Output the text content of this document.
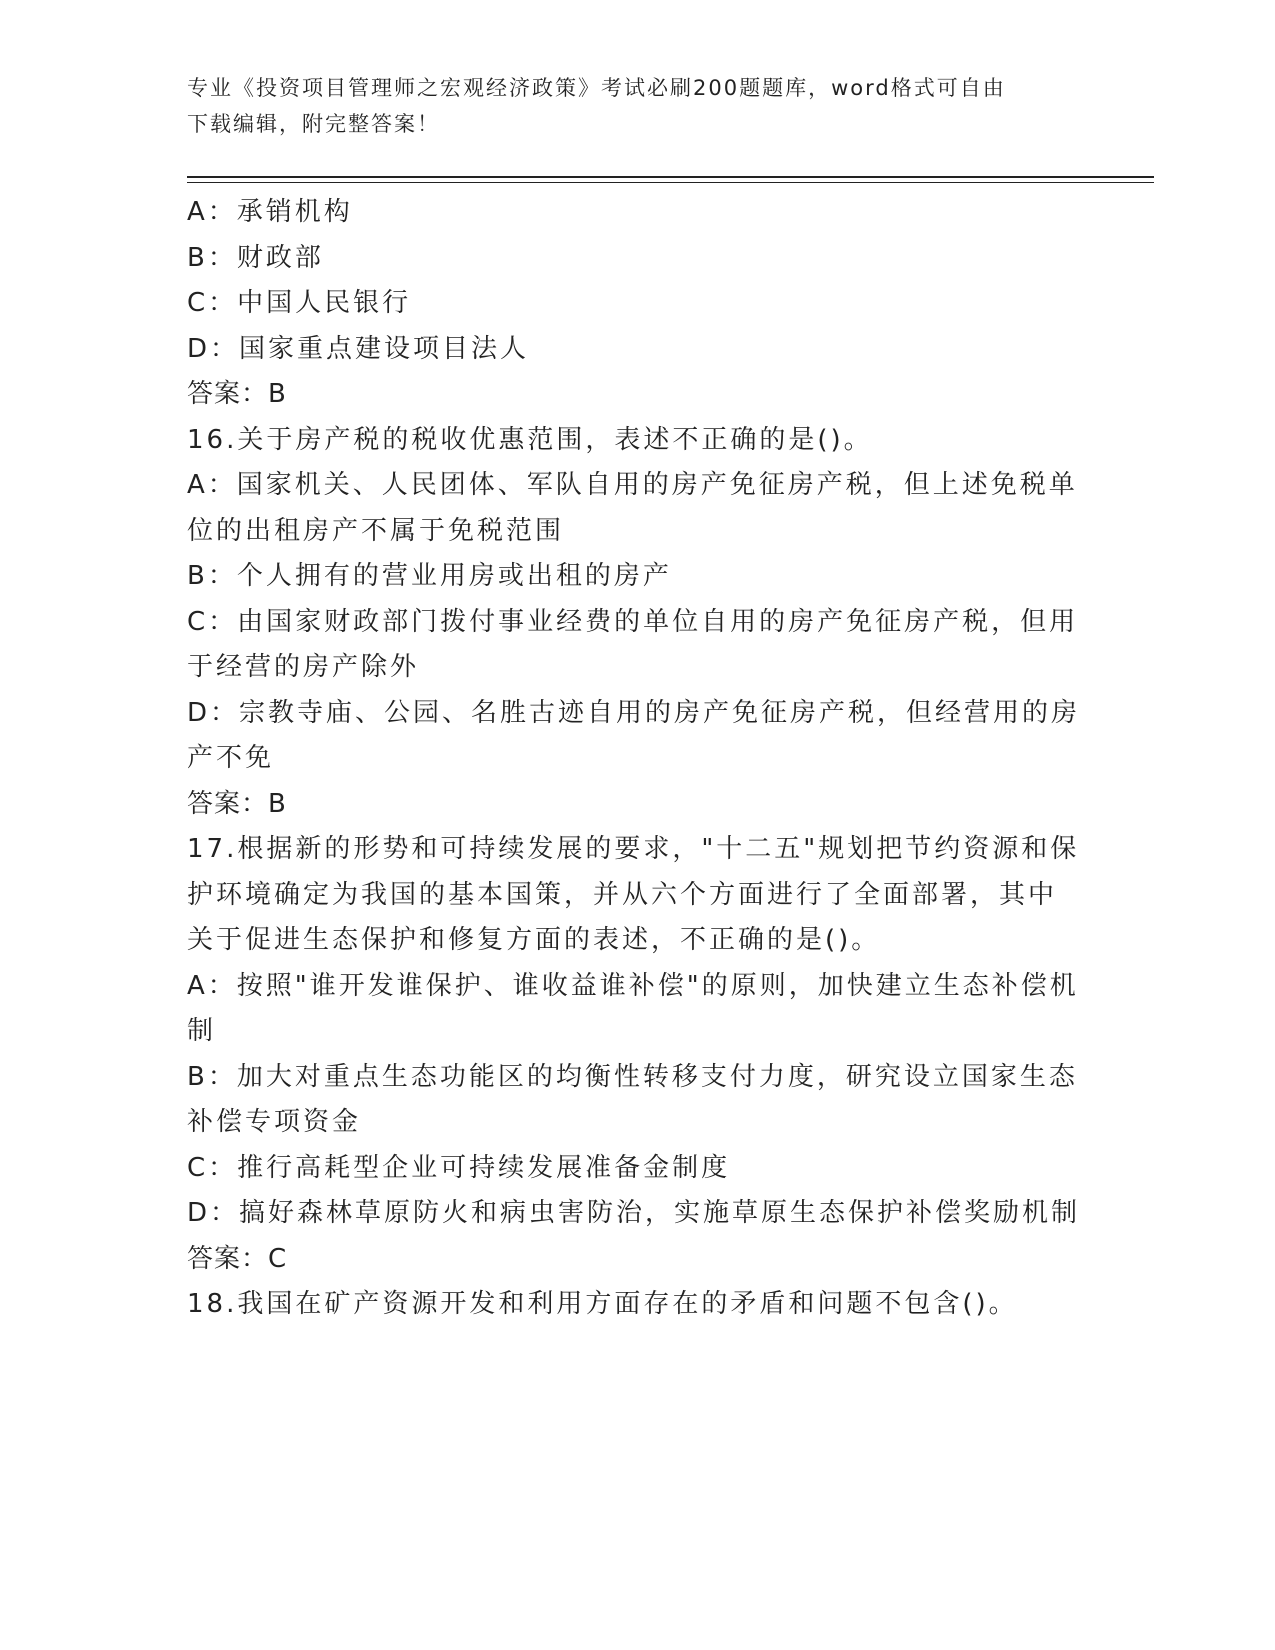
专业《投资项目管理师之宏观经济政策》考试必刷200题题库，word格式可自由
下载编辑，附完整答案！
A：承销机构
B：财政部
C：中国人民银行
D：国家重点建设项目法人
答案：B
16.关于房产税的税收优惠范围，表述不正确的是()。
A：国家机关、人民团体、军队自用的房产免征房产税，但上述免税单
位的出租房产不属于免税范围
B：个人拥有的营业用房或出租的房产
C：由国家财政部门拨付事业经费的单位自用的房产免征房产税，但用
于经营的房产除外
D：宗教寺庙、公园、名胜古迹自用的房产免征房产税，但经营用的房
产不免
答案：B
17.根据新的形势和可持续发展的要求，"十二五"规划把节约资源和保
护环境确定为我国的基本国策，并从六个方面进行了全面部署，其中
关于促进生态保护和修复方面的表述，不正确的是()。
A：按照"谁开发谁保护、谁收益谁补偿"的原则，加快建立生态补偿机
制
B：加大对重点生态功能区的均衡性转移支付力度，研究设立国家生态
补偿专项资金
C：推行高耗型企业可持续发展准备金制度
D：搞好森林草原防火和病虫害防治，实施草原生态保护补偿奖励机制
答案：C
18.我国在矿产资源开发和利用方面存在的矛盾和问题不包含()。
